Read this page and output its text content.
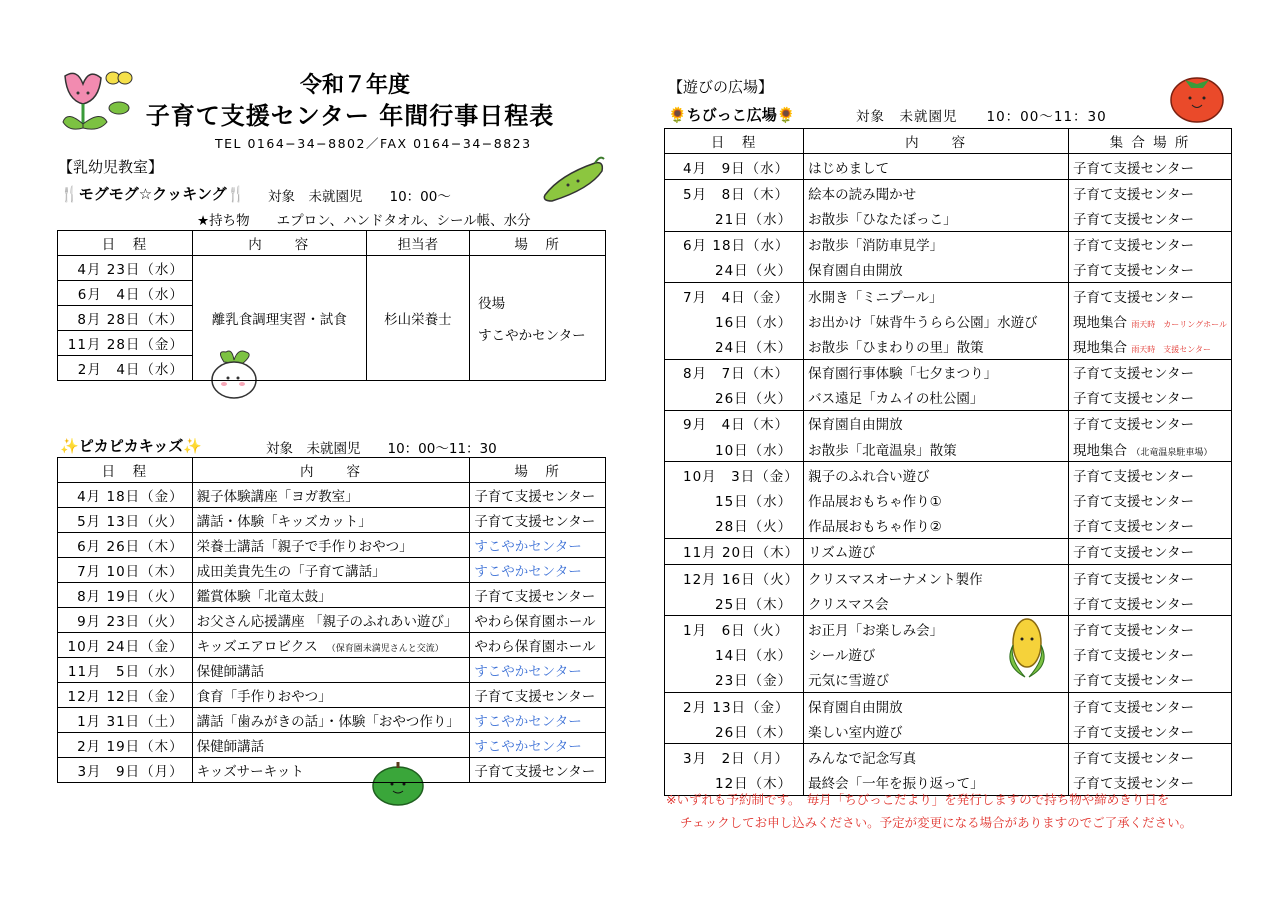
令和７年度
子育て支援センター 年間行事日程表
TEL 0164−34−8802／FAX 0164−34−8823
【乳幼児教室】
🍴モグモグ☆クッキング🍴 対象　未就園児　　10：00〜
★持ち物　　エプロン、ハンドタオル、シール帳、水分
日　程	内　　容	担当者	場　所
4月 23日（水）	離乳食調理実習・試食	杉山栄養士	役場
すこやかセンター

6月　4日（水）			
8月 28日（木）			
11月 28日（金）			
2月　4日（水）			
✨ピカピカキッズ✨	対象　未就園児　　10：00〜11：30
日　程	内　　容	場　所
4月 18日（金）	親子体験講座「ヨガ教室」	子育て支援センター
5月 13日（火）	講話・体験「キッズカット」	子育て支援センター
6月 26日（木）	栄養士講話「親子で手作りおやつ」	すこやかセンター
7月 10日（木）	成田美貴先生の「子育て講話」	すこやかセンター
8月 19日（火）	鑑賞体験「北竜太鼓」	子育て支援センター
9月 23日（火）	お父さん応援講座 「親子のふれあい遊び」	やわら保育園ホール
10月 24日（金）	キッズエアロビクス　 （保育園未満児さんと交流）	やわら保育園ホール
11月　5日（水）	保健師講話	すこやかセンター
12月 12日（金）	食育「手作りおやつ」	子育て支援センター
1月 31日（土）	講話「歯みがきの話」・体験「おやつ作り」	すこやかセンター
2月 19日（木）	保健師講話	すこやかセンター
3月　9日（月）	キッズサーキット	子育て支援センター
【遊びの広場】
🌻ちびっこ広場🌻	対象　未就園児　　10：00〜11：30
日　程	内　　容	集 合 場 所
4月　9日（水）	はじめまして	子育て支援センター
5月　8日（木）	絵本の読み聞かせ	子育て支援センター
21日（水）	お散歩「ひなたぼっこ」	子育て支援センター
6月 18日（水）	お散歩「消防車見学」	子育て支援センター
24日（火）	保育園自由開放	子育て支援センター
7月　4日（金）	水開き「ミニプール」	子育て支援センター
16日（水）	お出かけ「妹背牛うらら公園」水遊び	現地集合 雨天時　カーリングホール
24日（木）	お散歩「ひまわりの里」散策	現地集合 雨天時　支援センター
8月　7日（木）	保育園行事体験「七夕まつり」	子育て支援センター
26日（火）	バス遠足「カムイの杜公園」	子育て支援センター
9月　4日（木）	保育園自由開放	子育て支援センター
10日（水）	お散歩「北竜温泉」散策	現地集合 （北竜温泉駐車場）
10月　3日（金）	親子のふれ合い遊び	子育て支援センター
15日（水）	作品展おもちゃ作り①	子育て支援センター
28日（火）	作品展おもちゃ作り②	子育て支援センター
11月 20日（木）	リズム遊び	子育て支援センター
12月 16日（火）	クリスマスオーナメント製作	子育て支援センター
25日（木）	クリスマス会	子育て支援センター
1月　6日（火）	お正月「お楽しみ会」	子育て支援センター
14日（水）	シール遊び	子育て支援センター
23日（金）	元気に雪遊び	子育て支援センター
2月 13日（金）	保育園自由開放	子育て支援センター
26日（木）	楽しい室内遊び	子育て支援センター
3月　2日（月）	みんなで記念写真	子育て支援センター
12日（木）	最終会「一年を振り返って」	子育て支援センター
※いずれも予約制です。　毎月「ちびっこだより」を発行しますので持ち物や締めきり日を
チェックしてお申し込みください。予定が変更になる場合がありますのでご了承ください。
